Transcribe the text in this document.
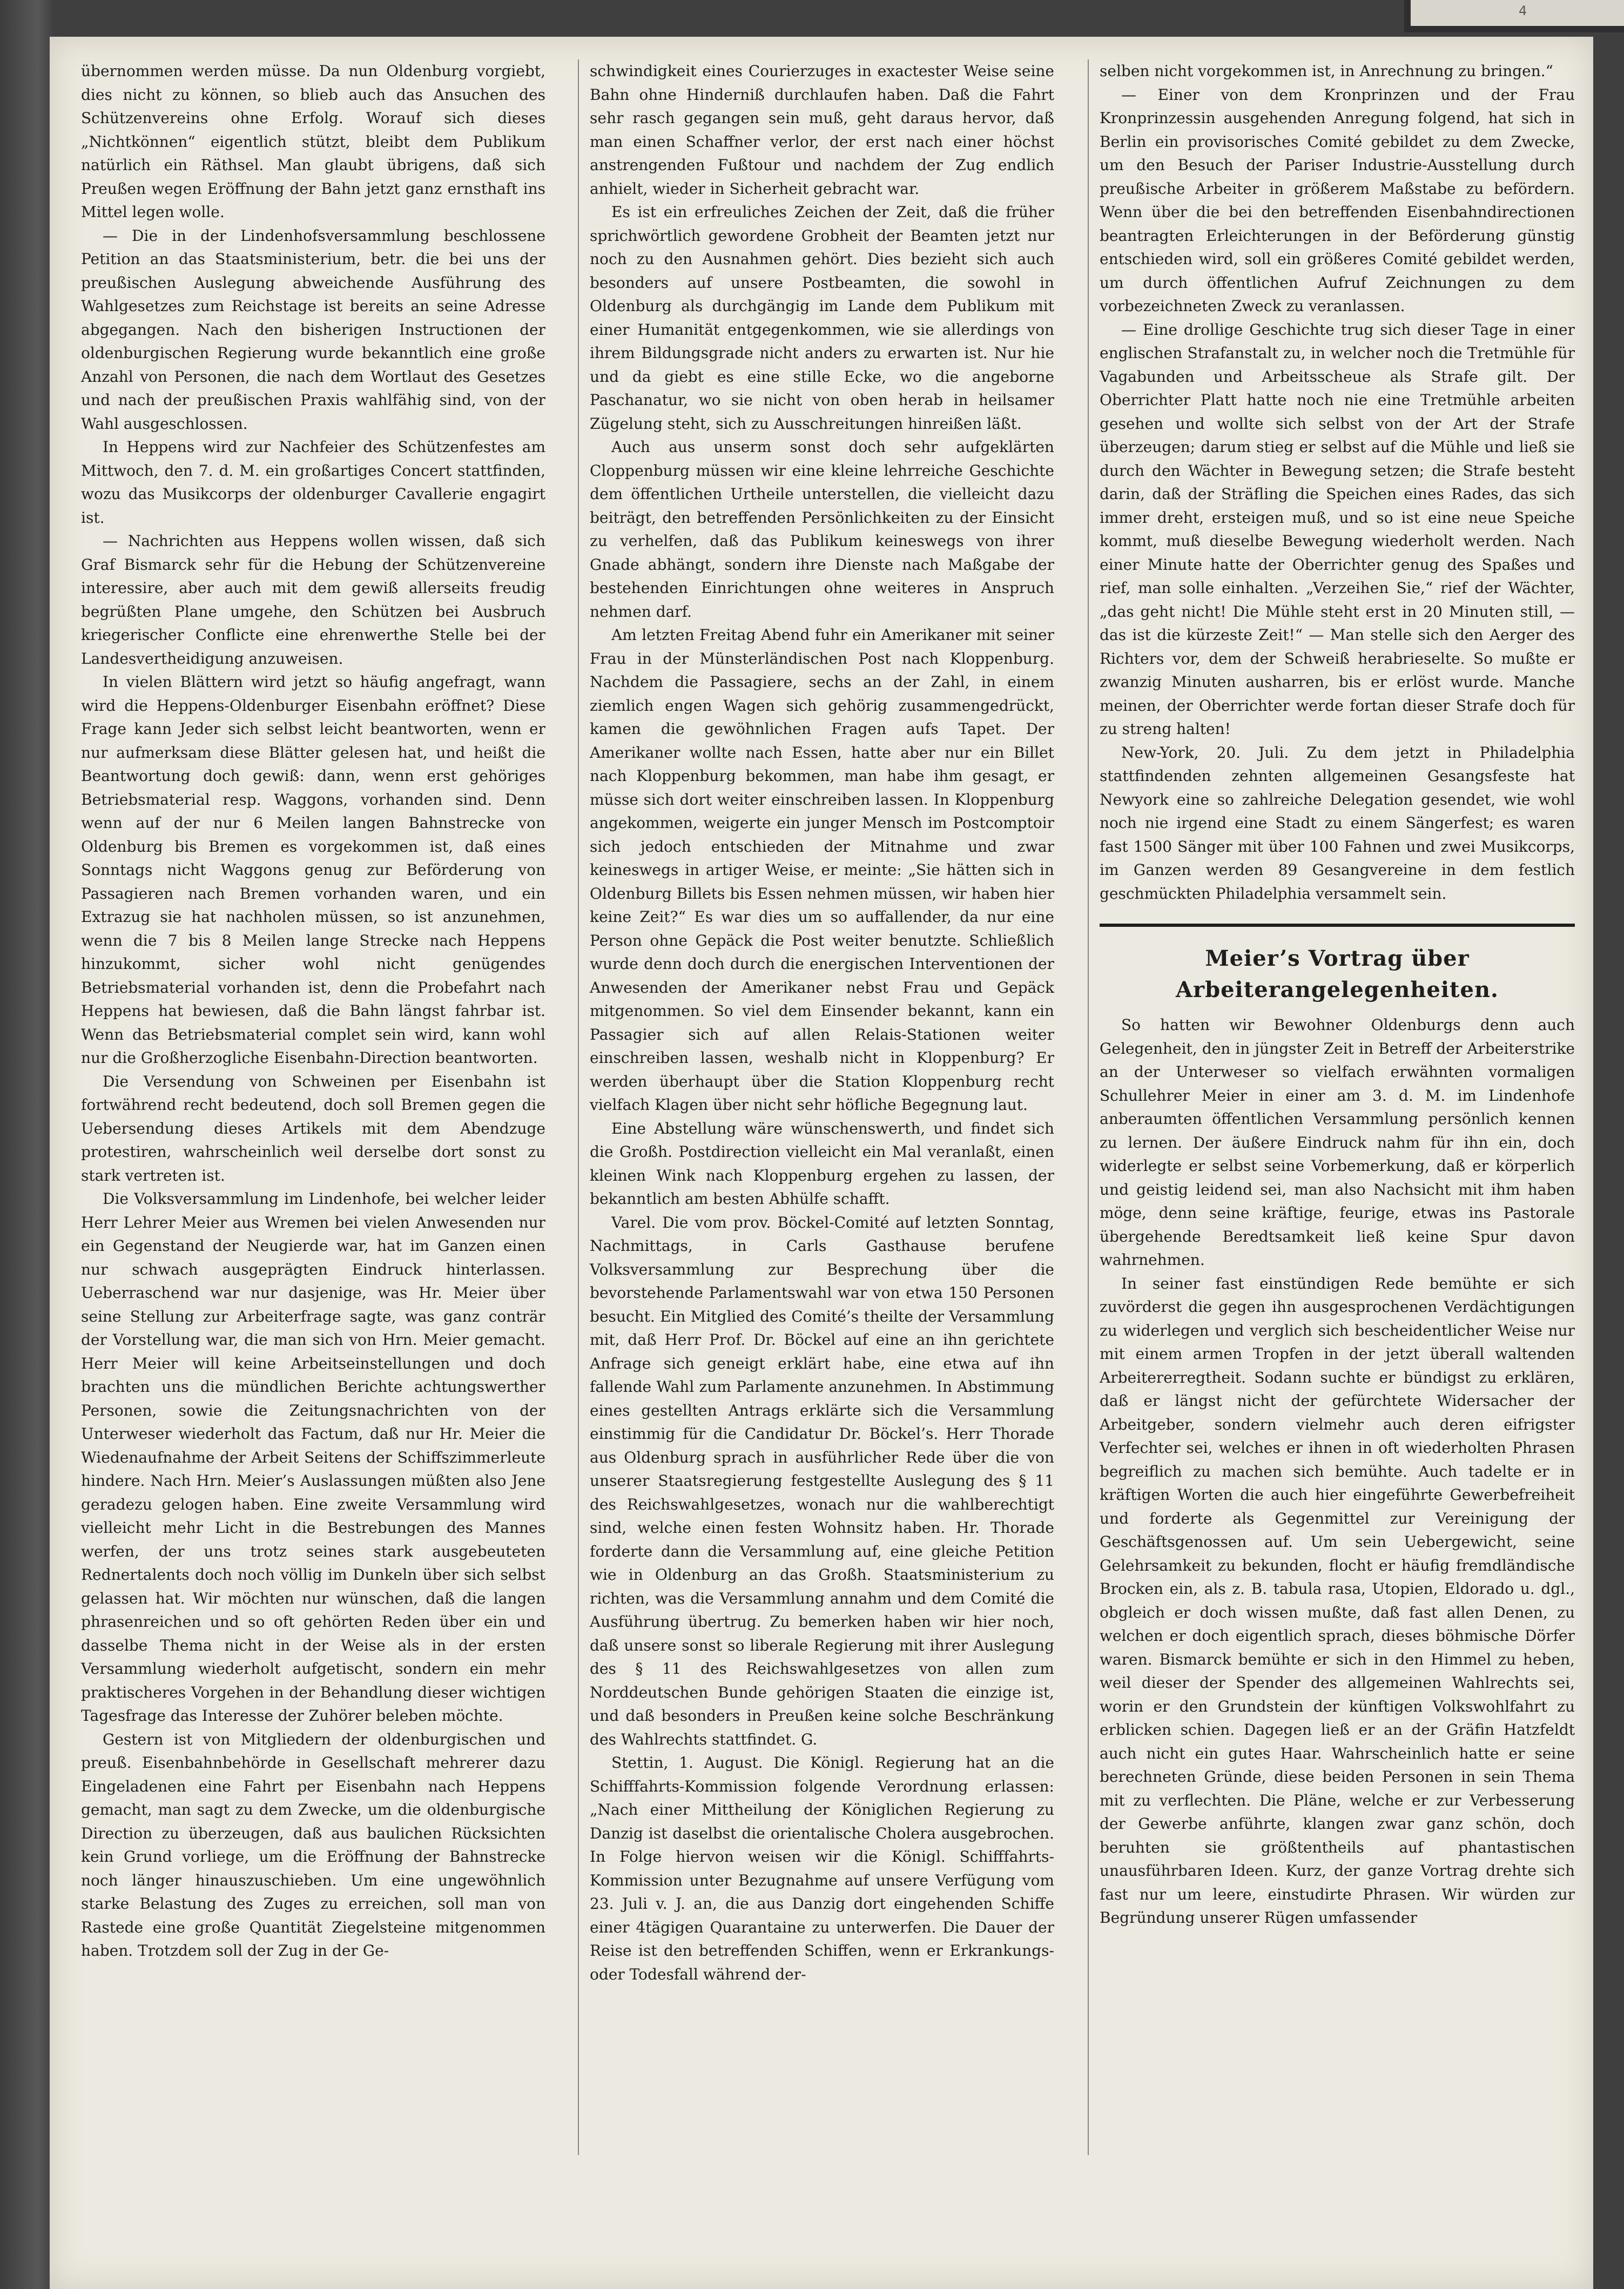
4

übernommen werden müsse. Da nun Oldenburg vorgiebt, dies nicht zu können, so blieb auch das Ansuchen des Schützenvereins ohne Erfolg. Worauf sich dieses „Nichtkönnen“ eigentlich stützt, bleibt dem Publikum natürlich ein Räthsel. Man glaubt übrigens, daß sich Preußen wegen Eröffnung der Bahn jetzt ganz ernsthaft ins Mittel legen wolle.

— Die in der Lindenhofsversammlung beschlossene Petition an das Staatsministerium, betr. die bei uns der preußischen Auslegung abweichende Ausführung des Wahlgesetzes zum Reichstage ist bereits an seine Adresse abgegangen. Nach den bisherigen Instructionen der oldenburgischen Regierung wurde bekanntlich eine große Anzahl von Personen, die nach dem Wortlaut des Gesetzes und nach der preußischen Praxis wahlfähig sind, von der Wahl ausgeschlossen.

In Heppens wird zur Nachfeier des Schützenfestes am Mittwoch, den 7. d. M. ein großartiges Concert stattfinden, wozu das Musikcorps der oldenburger Cavallerie engagirt ist.

— Nachrichten aus Heppens wollen wissen, daß sich Graf Bismarck sehr für die Hebung der Schützenvereine interessire, aber auch mit dem gewiß allerseits freudig begrüßten Plane umgehe, den Schützen bei Ausbruch kriegerischer Conflicte eine ehrenwerthe Stelle bei der Landesvertheidigung anzuweisen.

In vielen Blättern wird jetzt so häufig angefragt, wann wird die Heppens-Oldenburger Eisenbahn eröffnet? Diese Frage kann Jeder sich selbst leicht beantworten, wenn er nur aufmerksam diese Blätter gelesen hat, und heißt die Beantwortung doch gewiß: dann, wenn erst gehöriges Betriebsmaterial resp. Waggons, vorhanden sind. Denn wenn auf der nur 6 Meilen langen Bahnstrecke von Oldenburg bis Bremen es vorgekommen ist, daß eines Sonntags nicht Waggons genug zur Beförderung von Passagieren nach Bremen vorhanden waren, und ein Extrazug sie hat nachholen müssen, so ist anzunehmen, wenn die 7 bis 8 Meilen lange Strecke nach Heppens hinzukommt, sicher wohl nicht genügendes Betriebsmaterial vorhanden ist, denn die Probefahrt nach Heppens hat bewiesen, daß die Bahn längst fahrbar ist. Wenn das Betriebsmaterial complet sein wird, kann wohl nur die Großherzogliche Eisenbahn-Direction beantworten.

Die Versendung von Schweinen per Eisenbahn ist fortwährend recht bedeutend, doch soll Bremen gegen die Uebersendung dieses Artikels mit dem Abendzuge protestiren, wahrscheinlich weil derselbe dort sonst zu stark vertreten ist.

Die Volksversammlung im Lindenhofe, bei welcher leider Herr Lehrer Meier aus Wremen bei vielen Anwesenden nur ein Gegenstand der Neugierde war, hat im Ganzen einen nur schwach ausgeprägten Eindruck hinterlassen. Ueberraschend war nur dasjenige, was Hr. Meier über seine Stellung zur Arbeiterfrage sagte, was ganz conträr der Vorstellung war, die man sich von Hrn. Meier gemacht. Herr Meier will keine Arbeitseinstellungen und doch brachten uns die mündlichen Berichte achtungswerther Personen, sowie die Zeitungsnachrichten von der Unterweser wiederholt das Factum, daß nur Hr. Meier die Wiedenaufnahme der Arbeit Seitens der Schiffszimmerleute hindere. Nach Hrn. Meier’s Auslassungen müßten also Jene geradezu gelogen haben. Eine zweite Versammlung wird vielleicht mehr Licht in die Bestrebungen des Mannes werfen, der uns trotz seines stark ausgebeuteten Rednertalents doch noch völlig im Dunkeln über sich selbst gelassen hat. Wir möchten nur wünschen, daß die langen phrasenreichen und so oft gehörten Reden über ein und dasselbe Thema nicht in der Weise als in der ersten Versammlung wiederholt aufgetischt, sondern ein mehr praktischeres Vorgehen in der Behandlung dieser wichtigen Tagesfrage das Interesse der Zuhörer beleben möchte.

Gestern ist von Mitgliedern der oldenburgischen und preuß. Eisenbahnbehörde in Gesellschaft mehrerer dazu Eingeladenen eine Fahrt per Eisenbahn nach Heppens gemacht, man sagt zu dem Zwecke, um die oldenburgische Direction zu überzeugen, daß aus baulichen Rücksichten kein Grund vorliege, um die Eröffnung der Bahnstrecke noch länger hinauszuschieben. Um eine ungewöhnlich starke Belastung des Zuges zu erreichen, soll man von Rastede eine große Quantität Ziegelsteine mitgenommen haben. Trotzdem soll der Zug in der Ge-

schwindigkeit eines Courierzuges in exactester Weise seine Bahn ohne Hinderniß durchlaufen haben. Daß die Fahrt sehr rasch gegangen sein muß, geht daraus hervor, daß man einen Schaffner verlor, der erst nach einer höchst anstrengenden Fußtour und nachdem der Zug endlich anhielt, wieder in Sicherheit gebracht war.

Es ist ein erfreuliches Zeichen der Zeit, daß die früher sprichwörtlich gewordene Grobheit der Beamten jetzt nur noch zu den Ausnahmen gehört. Dies bezieht sich auch besonders auf unsere Postbeamten, die sowohl in Oldenburg als durchgängig im Lande dem Publikum mit einer Humanität entgegenkommen, wie sie allerdings von ihrem Bildungsgrade nicht anders zu erwarten ist. Nur hie und da giebt es eine stille Ecke, wo die angeborne Paschanatur, wo sie nicht von oben herab in heilsamer Zügelung steht, sich zu Ausschreitungen hinreißen läßt.

Auch aus unserm sonst doch sehr aufgeklärten Cloppenburg müssen wir eine kleine lehrreiche Geschichte dem öffentlichen Urtheile unterstellen, die vielleicht dazu beiträgt, den betreffenden Persönlichkeiten zu der Einsicht zu verhelfen, daß das Publikum keineswegs von ihrer Gnade abhängt, sondern ihre Dienste nach Maßgabe der bestehenden Einrichtungen ohne weiteres in Anspruch nehmen darf.

Am letzten Freitag Abend fuhr ein Amerikaner mit seiner Frau in der Münsterländischen Post nach Kloppenburg. Nachdem die Passagiere, sechs an der Zahl, in einem ziemlich engen Wagen sich gehörig zusammengedrückt, kamen die gewöhnlichen Fragen aufs Tapet. Der Amerikaner wollte nach Essen, hatte aber nur ein Billet nach Kloppenburg bekommen, man habe ihm gesagt, er müsse sich dort weiter einschreiben lassen. In Kloppenburg angekommen, weigerte ein junger Mensch im Postcomptoir sich jedoch entschieden der Mitnahme und zwar keineswegs in artiger Weise, er meinte: „Sie hätten sich in Oldenburg Billets bis Essen nehmen müssen, wir haben hier keine Zeit?“ Es war dies um so auffallender, da nur eine Person ohne Gepäck die Post weiter benutzte. Schließlich wurde denn doch durch die energischen Interventionen der Anwesenden der Amerikaner nebst Frau und Gepäck mitgenommen. So viel dem Einsender bekannt, kann ein Passagier sich auf allen Relais-Stationen weiter einschreiben lassen, weshalb nicht in Kloppenburg? Er werden überhaupt über die Station Kloppenburg recht vielfach Klagen über nicht sehr höfliche Begegnung laut.

Eine Abstellung wäre wünschenswerth, und findet sich die Großh. Postdirection vielleicht ein Mal veranlaßt, einen kleinen Wink nach Kloppenburg ergehen zu lassen, der bekanntlich am besten Abhülfe schafft.

Varel. Die vom prov. Böckel-Comité auf letzten Sonntag, Nachmittags, in Carls Gasthause berufene Volksversammlung zur Besprechung über die bevorstehende Parlamentswahl war von etwa 150 Personen besucht. Ein Mitglied des Comité’s theilte der Versammlung mit, daß Herr Prof. Dr. Böckel auf eine an ihn gerichtete Anfrage sich geneigt erklärt habe, eine etwa auf ihn fallende Wahl zum Parlamente anzunehmen. In Abstimmung eines gestellten Antrags erklärte sich die Versammlung einstimmig für die Candidatur Dr. Böckel’s. Herr Thorade aus Oldenburg sprach in ausführlicher Rede über die von unserer Staatsregierung festgestellte Auslegung des § 11 des Reichswahlgesetzes, wonach nur die wahlberechtigt sind, welche einen festen Wohnsitz haben. Hr. Thorade forderte dann die Versammlung auf, eine gleiche Petition wie in Oldenburg an das Großh. Staatsministerium zu richten, was die Versammlung annahm und dem Comité die Ausführung übertrug. Zu bemerken haben wir hier noch, daß unsere sonst so liberale Regierung mit ihrer Auslegung des § 11 des Reichswahlgesetzes von allen zum Norddeutschen Bunde gehörigen Staaten die einzige ist, und daß besonders in Preußen keine solche Beschränkung des Wahlrechts stattfindet. G.

Stettin, 1. August. Die Königl. Regierung hat an die Schifffahrts-Kommission folgende Verordnung erlassen: „Nach einer Mittheilung der Königlichen Regierung zu Danzig ist daselbst die orientalische Cholera ausgebrochen. In Folge hiervon weisen wir die Königl. Schifffahrts-Kommission unter Bezugnahme auf unsere Verfügung vom 23. Juli v. J. an, die aus Danzig dort eingehenden Schiffe einer 4tägigen Quarantaine zu unterwerfen. Die Dauer der Reise ist den betreffenden Schiffen, wenn er Erkrankungs- oder Todesfall während der-

selben nicht vorgekommen ist, in Anrechnung zu bringen.“

— Einer von dem Kronprinzen und der Frau Kronprinzessin ausgehenden Anregung folgend, hat sich in Berlin ein provisorisches Comité gebildet zu dem Zwecke, um den Besuch der Pariser Industrie-Ausstellung durch preußische Arbeiter in größerem Maßstabe zu befördern. Wenn über die bei den betreffenden Eisenbahndirectionen beantragten Erleichterungen in der Beförderung günstig entschieden wird, soll ein größeres Comité gebildet werden, um durch öffentlichen Aufruf Zeichnungen zu dem vorbezeichneten Zweck zu veranlassen.

— Eine drollige Geschichte trug sich dieser Tage in einer englischen Strafanstalt zu, in welcher noch die Tretmühle für Vagabunden und Arbeitsscheue als Strafe gilt. Der Oberrichter Platt hatte noch nie eine Tretmühle arbeiten gesehen und wollte sich selbst von der Art der Strafe überzeugen; darum stieg er selbst auf die Mühle und ließ sie durch den Wächter in Bewegung setzen; die Strafe besteht darin, daß der Sträfling die Speichen eines Rades, das sich immer dreht, ersteigen muß, und so ist eine neue Speiche kommt, muß dieselbe Bewegung wiederholt werden. Nach einer Minute hatte der Oberrichter genug des Spaßes und rief, man solle einhalten. „Verzeihen Sie,“ rief der Wächter, „das geht nicht! Die Mühle steht erst in 20 Minuten still, — das ist die kürzeste Zeit!“ — Man stelle sich den Aerger des Richters vor, dem der Schweiß herabrieselte. So mußte er zwanzig Minuten ausharren, bis er erlöst wurde. Manche meinen, der Oberrichter werde fortan dieser Strafe doch für zu streng halten!

New-York, 20. Juli. Zu dem jetzt in Philadelphia stattfindenden zehnten allgemeinen Gesangsfeste hat Newyork eine so zahlreiche Delegation gesendet, wie wohl noch nie irgend eine Stadt zu einem Sängerfest; es waren fast 1500 Sänger mit über 100 Fahnen und zwei Musikcorps, im Ganzen werden 89 Gesangvereine in dem festlich geschmückten Philadelphia versammelt sein.

Meier’s Vortrag über Arbeiterangelegenheiten.

So hatten wir Bewohner Oldenburgs denn auch Gelegenheit, den in jüngster Zeit in Betreff der Arbeiterstrike an der Unterweser so vielfach erwähnten vormaligen Schullehrer Meier in einer am 3. d. M. im Lindenhofe anberaumten öffentlichen Versammlung persönlich kennen zu lernen. Der äußere Eindruck nahm für ihn ein, doch widerlegte er selbst seine Vorbemerkung, daß er körperlich und geistig leidend sei, man also Nachsicht mit ihm haben möge, denn seine kräftige, feurige, etwas ins Pastorale übergehende Beredtsamkeit ließ keine Spur davon wahrnehmen.

In seiner fast einstündigen Rede bemühte er sich zuvörderst die gegen ihn ausgesprochenen Verdächtigungen zu widerlegen und verglich sich bescheidentlicher Weise nur mit einem armen Tropfen in der jetzt überall waltenden Arbeitererregtheit. Sodann suchte er bündigst zu erklären, daß er längst nicht der gefürchtete Widersacher der Arbeitgeber, sondern vielmehr auch deren eifrigster Verfechter sei, welches er ihnen in oft wiederholten Phrasen begreiflich zu machen sich bemühte. Auch tadelte er in kräftigen Worten die auch hier eingeführte Gewerbefreiheit und forderte als Gegenmittel zur Vereinigung der Geschäftsgenossen auf. Um sein Uebergewicht, seine Gelehrsamkeit zu bekunden, flocht er häufig fremdländische Brocken ein, als z. B. tabula rasa, Utopien, Eldorado u. dgl., obgleich er doch wissen mußte, daß fast allen Denen, zu welchen er doch eigentlich sprach, dieses böhmische Dörfer waren. Bismarck bemühte er sich in den Himmel zu heben, weil dieser der Spender des allgemeinen Wahlrechts sei, worin er den Grundstein der künftigen Volkswohlfahrt zu erblicken schien. Dagegen ließ er an der Gräfin Hatzfeldt auch nicht ein gutes Haar. Wahrscheinlich hatte er seine berechneten Gründe, diese beiden Personen in sein Thema mit zu verflechten. Die Pläne, welche er zur Verbesserung der Gewerbe anführte, klangen zwar ganz schön, doch beruhten sie größtentheils auf phantastischen unausführbaren Ideen. Kurz, der ganze Vortrag drehte sich fast nur um leere, einstudirte Phrasen. Wir würden zur Begründung unserer Rügen umfassender
